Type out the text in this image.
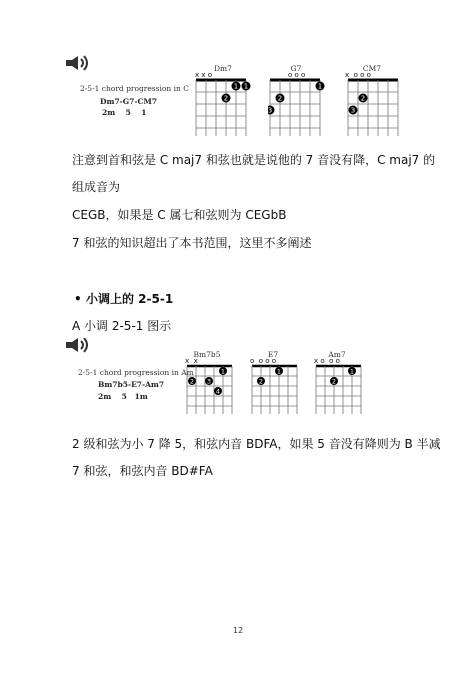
2-5-1 chord progression in C
Dm7-G7-CM7
2m    5    1
Dm7
x x o
1 1
2
G7
o o o
1
2
3
CM7
x  o o o
2
3
注意到首和弦是 C maj7 和弦也就是说他的 7 音没有降，C maj7 的
组成音为
CEGB，如果是 C 属七和弦则为 CEGbB
7 和弦的知识超出了本书范围，这里不多阐述
• 小调上的 2-5-1
A 小调 2-5-1 图示
2-5-1 chord progression in Am
Bm7b5-E7-Am7
2m    5   1m
Bm7b5
x  x
1
2 3
4
E7
o  o o o
1
2
Am7
x o  o o
1
2
2 级和弦为小 7 降 5，和弦内音 BDFA，如果 5 音没有降则为 B 半减
7 和弦，和弦内音 BD#FA
12
